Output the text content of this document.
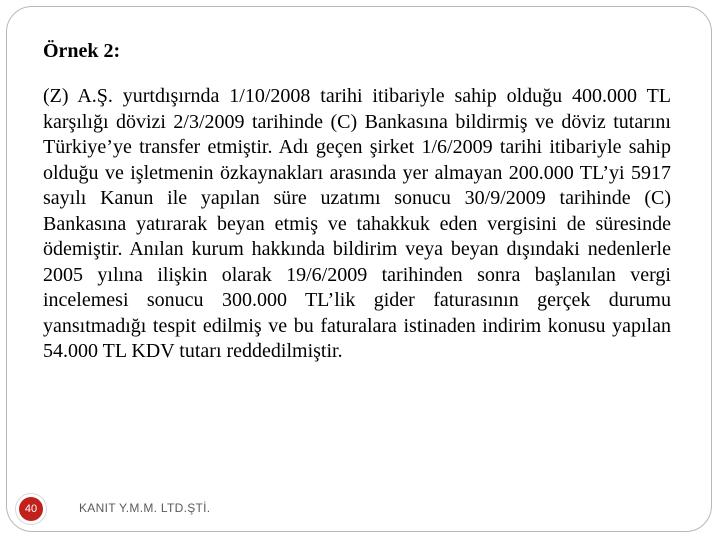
Örnek 2:

(Z) A.Ş. yurtdışırnda 1/10/2008 tarihi itibariyle sahip olduğu 400.000 TL karşılığı dövizi 2/3/2009 tarihinde (C) Bankasına bildirmiş ve döviz tutarını Türkiye’ye transfer etmiştir. Adı geçen şirket 1/6/2009 tarihi itibariyle sahip olduğu ve işletmenin özkaynakları arasında yer almayan 200.000 TL’yi 5917 sayılı Kanun ile yapılan süre uzatımı sonucu 30/9/2009 tarihinde (C) Bankasına yatırarak beyan etmiş ve tahakkuk eden vergisini de süresinde ödemiştir. Anılan kurum hakkında bildirim veya beyan dışındaki nedenlerle 2005 yılına ilişkin olarak 19/6/2009 tarihinden sonra başlanılan vergi incelemesi sonucu 300.000 TL’lik gider faturasının gerçek durumu yansıtmadığı tespit edilmiş ve bu faturalara istinaden indirim konusu yapılan 54.000 TL KDV tutarı reddedilmiştir.

40	KANIT Y.M.M. LTD.ŞTİ.
